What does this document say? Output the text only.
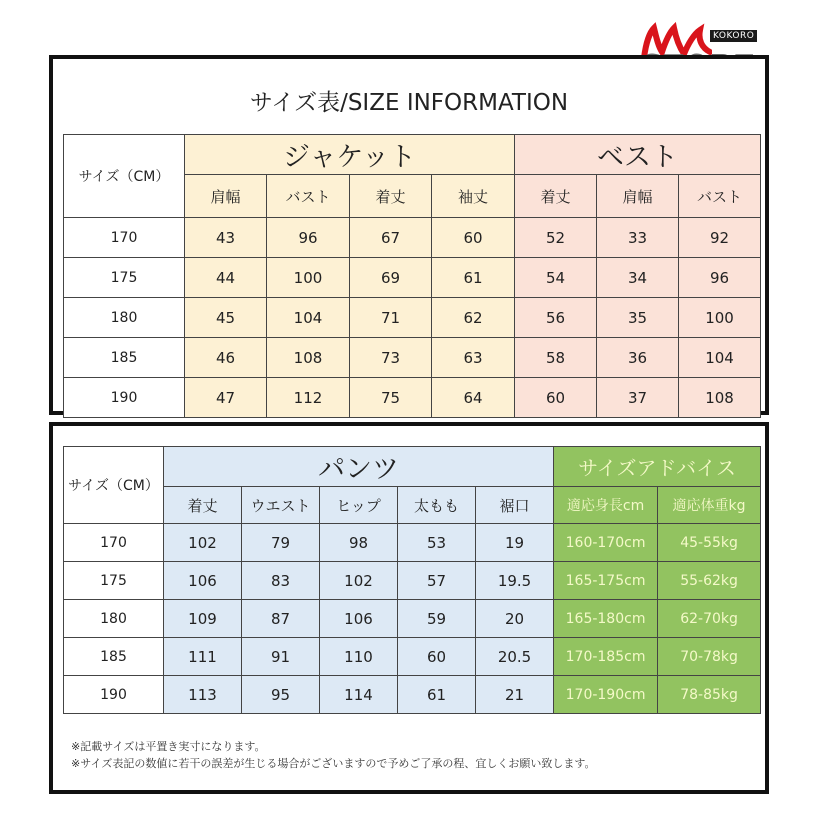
KOKORO
サイズ表/SIZE INFORMATION
サイズ（CM）	ジャケット				ベスト		
	肩幅	バスト	着丈	袖丈	着丈	肩幅	バスト
170	43	96	67	60	52	33	92
175	44	100	69	61	54	34	96
180	45	104	71	62	56	35	100
185	46	108	73	63	58	36	104
190	47	112	75	64	60	37	108
サイズ（CM）	パンツ					サイズアドバイス	
	着丈	ウエスト	ヒップ	太もも	裾口	適応身長cm	適応体重kg
170	102	79	98	53	19	160-170cm	45-55kg
175	106	83	102	57	19.5	165-175cm	55-62kg
180	109	87	106	59	20	165-180cm	62-70kg
185	111	91	110	60	20.5	170-185cm	70-78kg
190	113	95	114	61	21	170-190cm	78-85kg
※記載サイズは平置き実寸になります。
※サイズ表記の数値に若干の誤差が生じる場合がございますので予めご了承の程、宜しくお願い致します。
